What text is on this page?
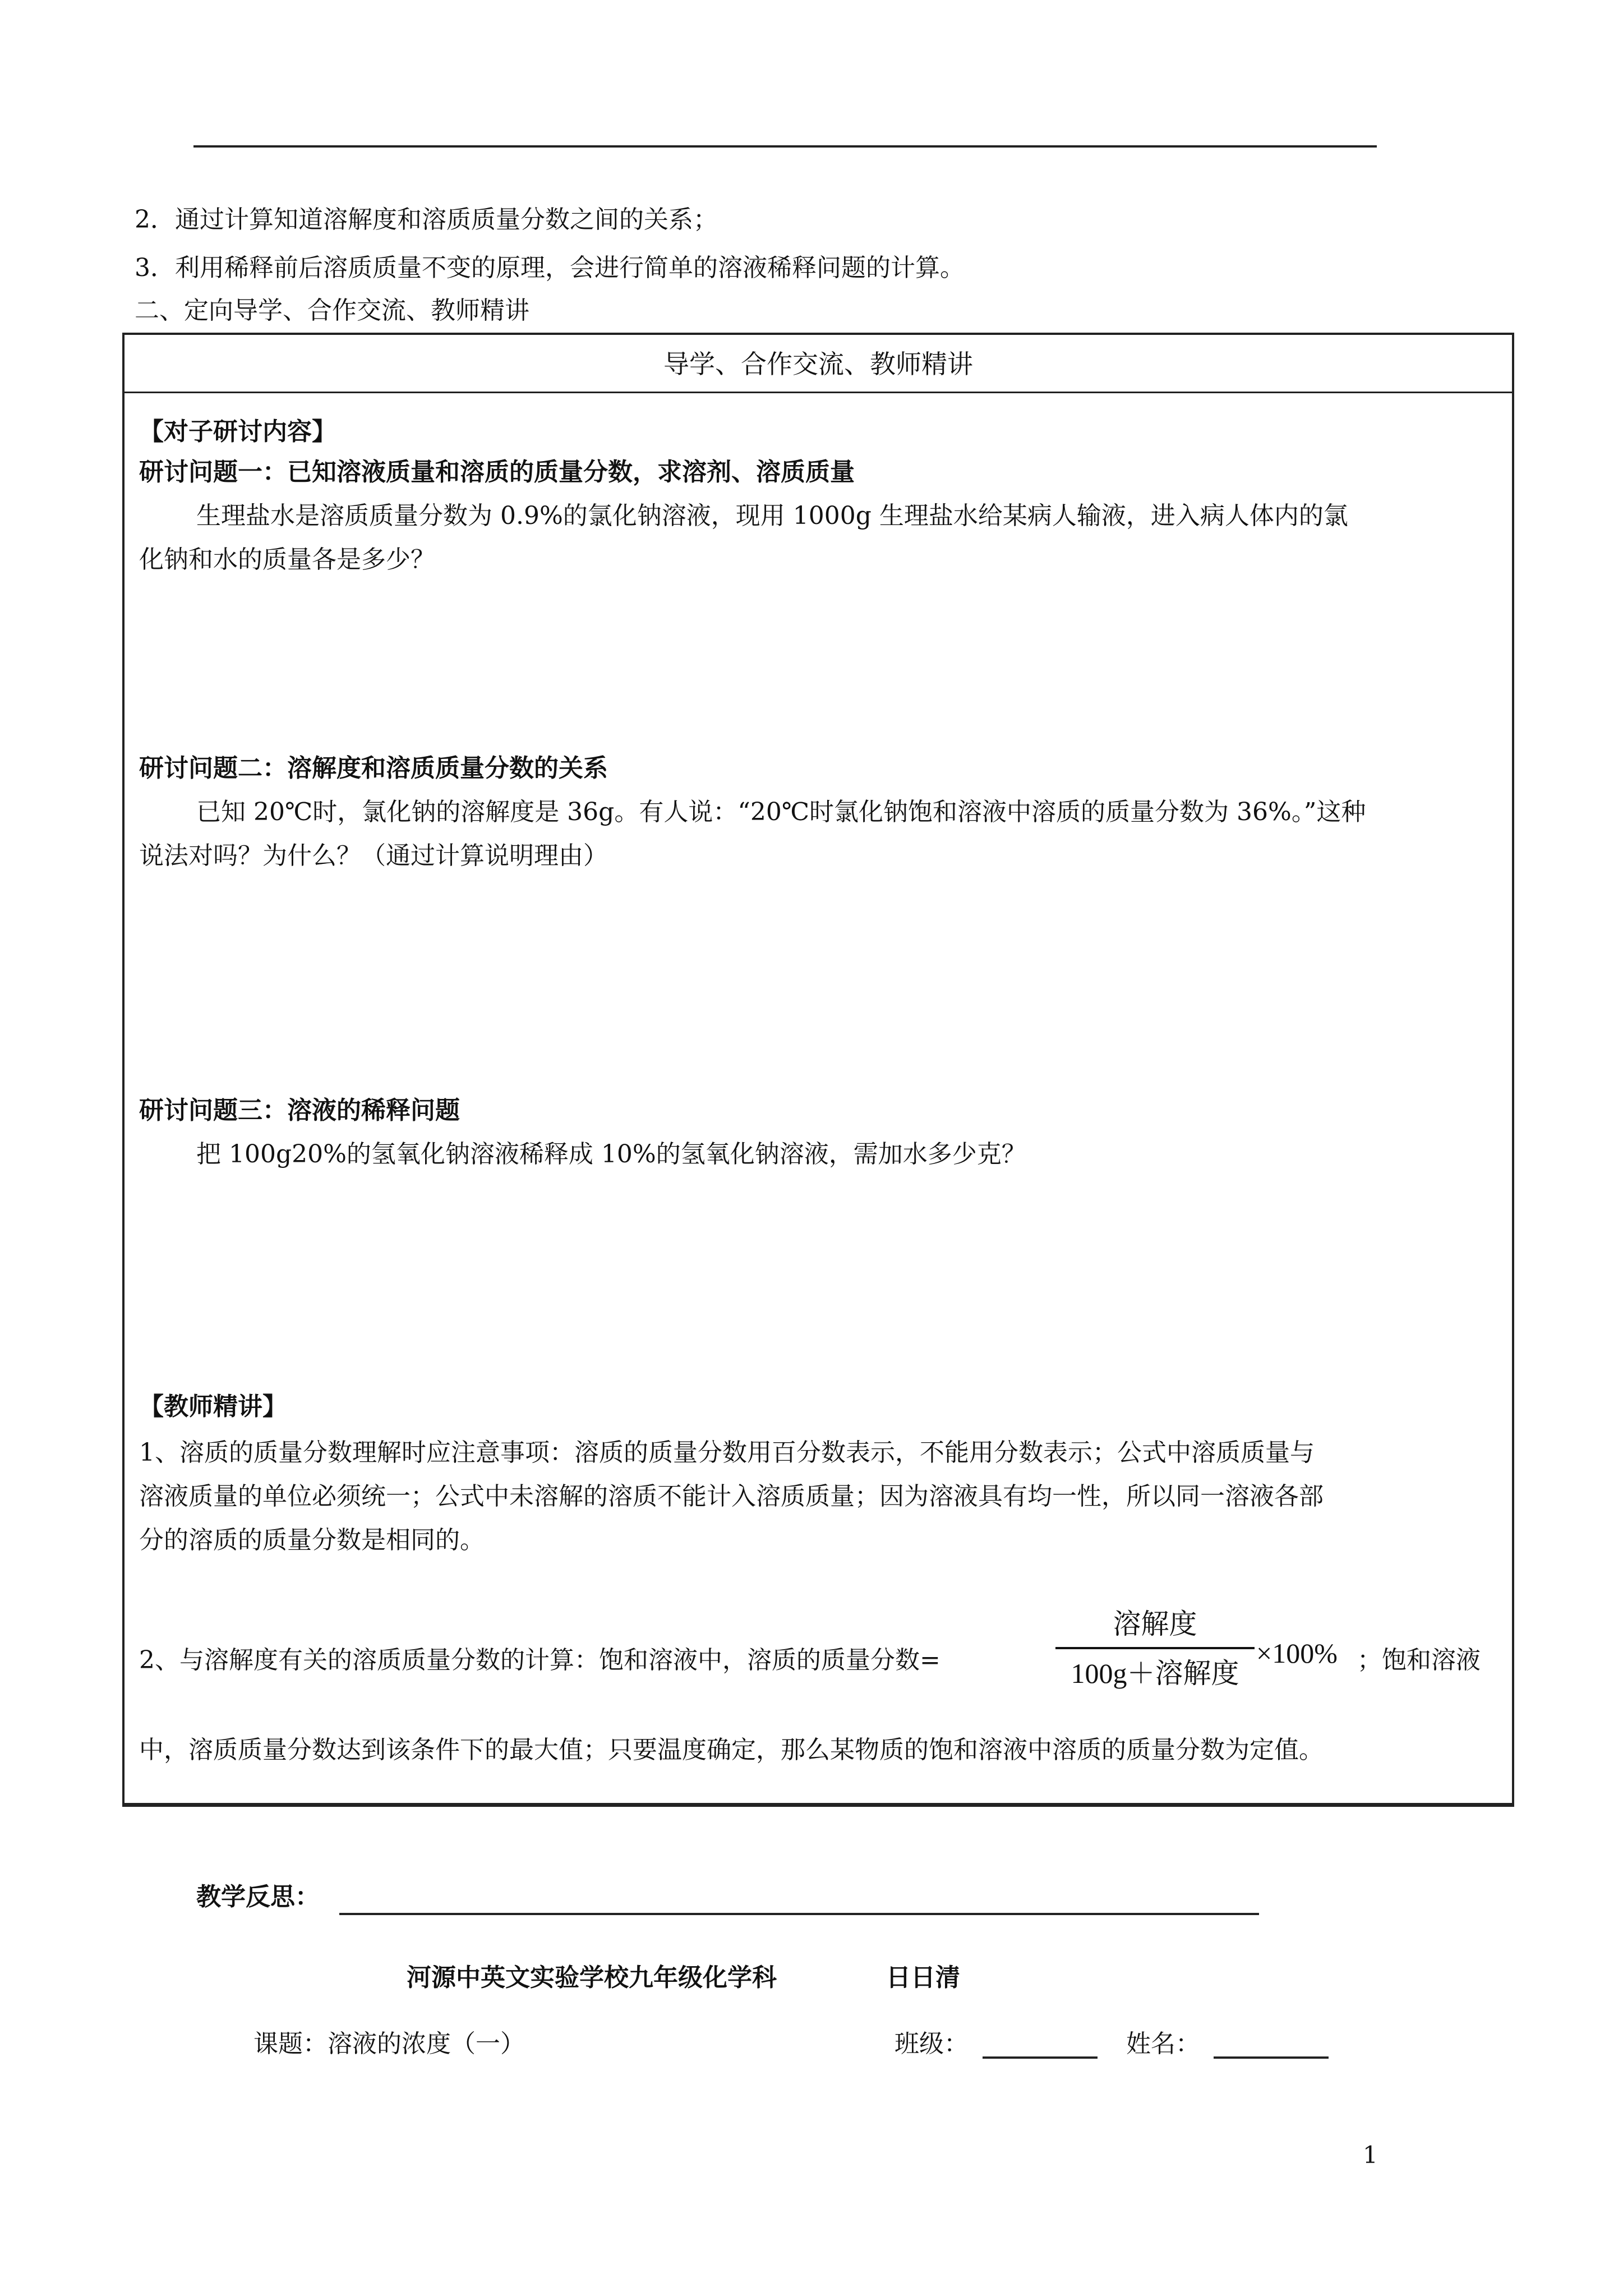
2．通过计算知道溶解度和溶质质量分数之间的关系；
3．利用稀释前后溶质质量不变的原理，会进行简单的溶液稀释问题的计算。
二、定向导学、合作交流、教师精讲
导学、合作交流、教师精讲
【对子研讨内容】
研讨问题一：已知溶液质量和溶质的质量分数，求溶剂、溶质质量
生理盐水是溶质质量分数为 0.9%的氯化钠溶液，现用 1000g 生理盐水给某病人输液，进入病人体内的氯
化钠和水的质量各是多少？
研讨问题二：溶解度和溶质质量分数的关系
已知 20℃时，氯化钠的溶解度是 36g。有人说：“20℃时氯化钠饱和溶液中溶质的质量分数为 36%。”这种
说法对吗？为什么？（通过计算说明理由）
研讨问题三：溶液的稀释问题
把 100g20%的氢氧化钠溶液稀释成 10%的氢氧化钠溶液，需加水多少克？
【教师精讲】
1、溶质的质量分数理解时应注意事项：溶质的质量分数用百分数表示，不能用分数表示；公式中溶质质量与
溶液质量的单位必须统一；公式中未溶解的溶质不能计入溶质质量；因为溶液具有均一性，所以同一溶液各部
分的溶质的质量分数是相同的。
2、与溶解度有关的溶质质量分数的计算：饱和溶液中，溶质的质量分数=
溶解度
100g＋溶解度
×100% ；饱和溶液
中，溶质质量分数达到该条件下的最大值；只要温度确定，那么某物质的饱和溶液中溶质的质量分数为定值。
教学反思：
河源中英文实验学校九年级化学科	日日清
课题：溶液的浓度（一）	班级：	姓名：
1
